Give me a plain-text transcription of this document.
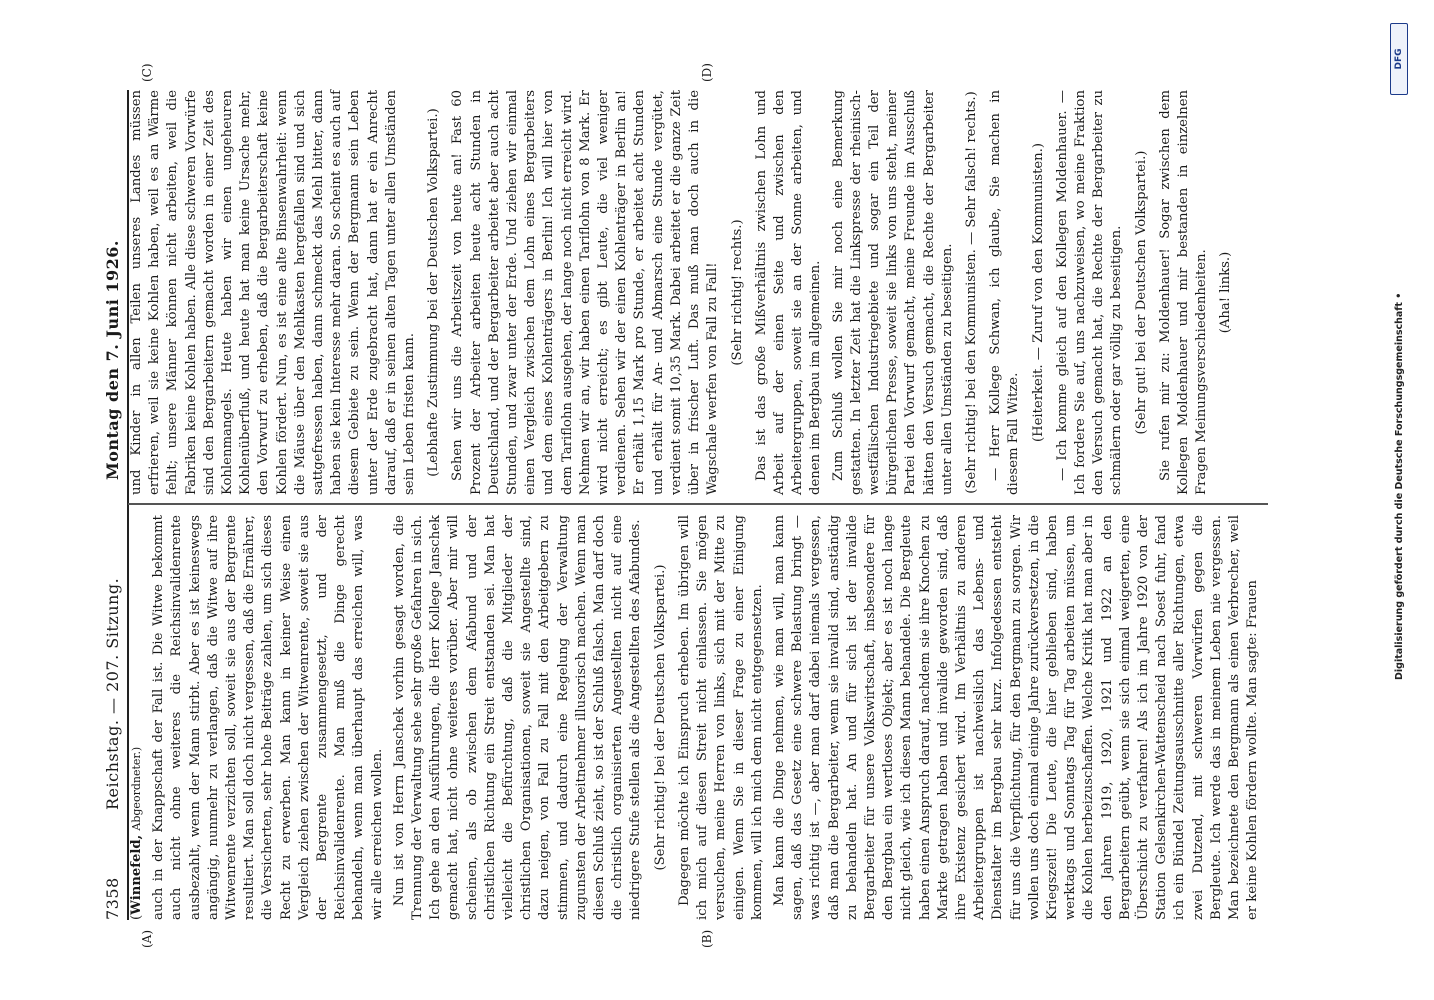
7358
Reichstag. — 207. Sitzung.
Montag den 7. Juni 1926.
(A)	(B)
(C)	(D)

(Winnefeld, Abgeordneter.) auch in der Knappschaft der Fall ist. Die Witwe bekommt auch nicht ohne weiteres die Reichsinvalidenrente ausbezahlt, wenn der Mann stirbt. Aber es ist keineswegs angängig, nunmehr zu verlangen, daß die Witwe auf ihre Witwenrente verzichten soll, soweit sie aus der Bergrente resultiert. Man soll doch nicht vergessen, daß die Ernährer, die Versicherten, sehr hohe Beiträge zahlen, um sich dieses Recht zu erwerben. Man kann in keiner Weise einen Vergleich ziehen zwischen der Witwenrente, soweit sie aus der Bergrente zusammengesetzt, und der Reichsinvalidenrente. Man muß die Dinge gerecht behandeln, wenn man überhaupt das erreichen will, was wir alle erreichen wollen. Nun ist von Herrn Janschek vorhin gesagt worden, die Trennung der Verwaltung sehe sehr große Gefahren in sich. Ich gehe an den Ausführungen, die Herr Kollege Janschek gemacht hat, nicht ohne weiteres vorüber. Aber mir will scheinen, als ob zwischen dem Afabund und der christlichen Richtung ein Streit entstanden sei. Man hat vielleicht die Befürchtung, daß die Mitglieder der christlichen Organisationen, soweit sie Angestellte sind, dazu neigen, von Fall zu Fall mit den Arbeitgebern zu stimmen, und dadurch eine Regelung der Verwaltung zugunsten der Arbeitnehmer illusorisch machen. Wenn man diesen Schluß zieht, so ist der Schluß falsch. Man darf doch die christlich organisierten Angestellten nicht auf eine niedrigere Stufe stellen als die Angestellten des Afabundes. (Sehr richtig! bei der Deutschen Volkspartei.) Dagegen möchte ich Einspruch erheben. Im übrigen will ich mich auf diesen Streit nicht einlassen. Sie mögen versuchen, meine Herren von links, sich mit der Mitte zu einigen. Wenn Sie in dieser Frage zu einer Einigung kommen, will ich mich dem nicht entgegensetzen. Man kann die Dinge nehmen, wie man will, man kann sagen, daß das Gesetz eine schwere Belastung bringt — was richtig ist —, aber man darf dabei niemals vergessen, daß man die Bergarbeiter, wenn sie invalid sind, anständig zu behandeln hat. An und für sich ist der invalide Bergarbeiter für unsere Volkswirtschaft, insbesondere für den Bergbau ein wertloses Objekt; aber es ist noch lange nicht gleich, wie ich diesen Mann behandele. Die Bergleute haben einen Anspruch darauf, nachdem sie ihre Knochen zu Markte getragen haben und invalide geworden sind, daß ihre Existenz gesichert wird. Im Verhältnis zu anderen Arbeitergruppen ist nachweislich das Lebens- und Dienstalter im Bergbau sehr kurz. Infolgedessen entsteht für uns die Verpflichtung, für den Bergmann zu sorgen. Wir wollen uns doch einmal einige Jahre zurückversetzen, in die Kriegszeit! Die Leute, die hier geblieben sind, haben werktags und Sonntags Tag für Tag arbeiten müssen, um die Kohlen herbeizuschaffen. Welche Kritik hat man aber in den Jahren 1919, 1920, 1921 und 1922 an den Bergarbeitern geübt, wenn sie sich einmal weigerten, eine Überschicht zu verfahren! Als ich im Jahre 1920 von der Station Gelsenkirchen-Wattenscheid nach Soest fuhr, fand ich ein Bündel Zeitungsausschnitte aller Richtungen, etwa zwei Dutzend, mit schweren Vorwürfen gegen die Bergleute. Ich werde das in meinem Leben nie vergessen. Man bezeichnete den Bergmann als einen Verbrecher, weil er keine Kohlen fördern wollte. Man sagte: Frauen

und Kinder in allen Teilen unseres Landes müssen erfrieren, weil sie keine Kohlen haben, weil es an Wärme fehlt; unsere Männer können nicht arbeiten, weil die Fabriken keine Kohlen haben. Alle diese schweren Vorwürfe sind den Bergarbeitern gemacht worden in einer Zeit des Kohlenmangels. Heute haben wir einen ungeheuren Kohlenüberfluß, und heute hat man keine Ursache mehr, den Vorwurf zu erheben, daß die Bergarbeiterschaft keine Kohlen fördert. Nun, es ist eine alte Binsenwahrheit: wenn die Mäuse über den Mehlkasten hergefallen sind und sich sattgefressen haben, dann schmeckt das Mehl bitter, dann haben sie kein Interesse mehr daran. So scheint es auch auf diesem Gebiete zu sein. Wenn der Bergmann sein Leben unter der Erde zugebracht hat, dann hat er ein Anrecht darauf, daß er in seinen alten Tagen unter allen Umständen sein Leben fristen kann. (Lebhafte Zustimmung bei der Deutschen Volkspartei.) Sehen wir uns die Arbeitszeit von heute an! Fast 60 Prozent der Arbeiter arbeiten heute acht Stunden in Deutschland, und der Bergarbeiter arbeitet aber auch acht Stunden, und zwar unter der Erde. Und ziehen wir einmal einen Vergleich zwischen dem Lohn eines Bergarbeiters und dem eines Kohlenträgers in Berlin! Ich will hier von dem Tariflohn ausgehen, der lange noch nicht erreicht wird. Nehmen wir an, wir haben einen Tariflohn von 8 Mark. Er wird nicht erreicht; es gibt Leute, die viel weniger verdienen. Sehen wir der einen Kohlenträger in Berlin an! Er erhält 1,15 Mark pro Stunde, er arbeitet acht Stunden und erhält für An- und Abmarsch eine Stunde vergütet, verdient somit 10,35 Mark. Dabei arbeitet er die ganze Zeit über in frischer Luft. Das muß man doch auch in die Wagschale werfen von Fall zu Fall! (Sehr richtig! rechts.) Das ist das große Mißverhältnis zwischen Lohn und Arbeit auf der einen Seite und zwischen den Arbeitergruppen, soweit sie an der Sonne arbeiten, und denen im Bergbau im allgemeinen. Zum Schluß wollen Sie mir noch eine Bemerkung gestatten. In letzter Zeit hat die Linkspresse der rheinisch-westfälischen Industriegebiete und sogar ein Teil der bürgerlichen Presse, soweit sie links von uns steht, meiner Partei den Vorwurf gemacht, meine Freunde im Ausschuß hätten den Versuch gemacht, die Rechte der Bergarbeiter unter allen Umständen zu beseitigen. (Sehr richtig! bei den Kommunisten. — Sehr falsch! rechts.) — Herr Kollege Schwan, ich glaube, Sie machen in diesem Fall Witze. (Heiterkeit. — Zuruf von den Kommunisten.) — Ich komme gleich auf den Kollegen Moldenhauer. — Ich fordere Sie auf, uns nachzuweisen, wo meine Fraktion den Versuch gemacht hat, die Rechte der Bergarbeiter zu schmälern oder gar völlig zu beseitigen. (Sehr gut! bei der Deutschen Volkspartei.) Sie rufen mir zu: Moldenhauer! Sogar zwischen dem Kollegen Moldenhauer und mir bestanden in einzelnen Fragen Meinungsverschiedenheiten. (Aha! links.)

Digitalisierung gefördert durch die Deutsche Forschungsgemeinschaft •
DFG
